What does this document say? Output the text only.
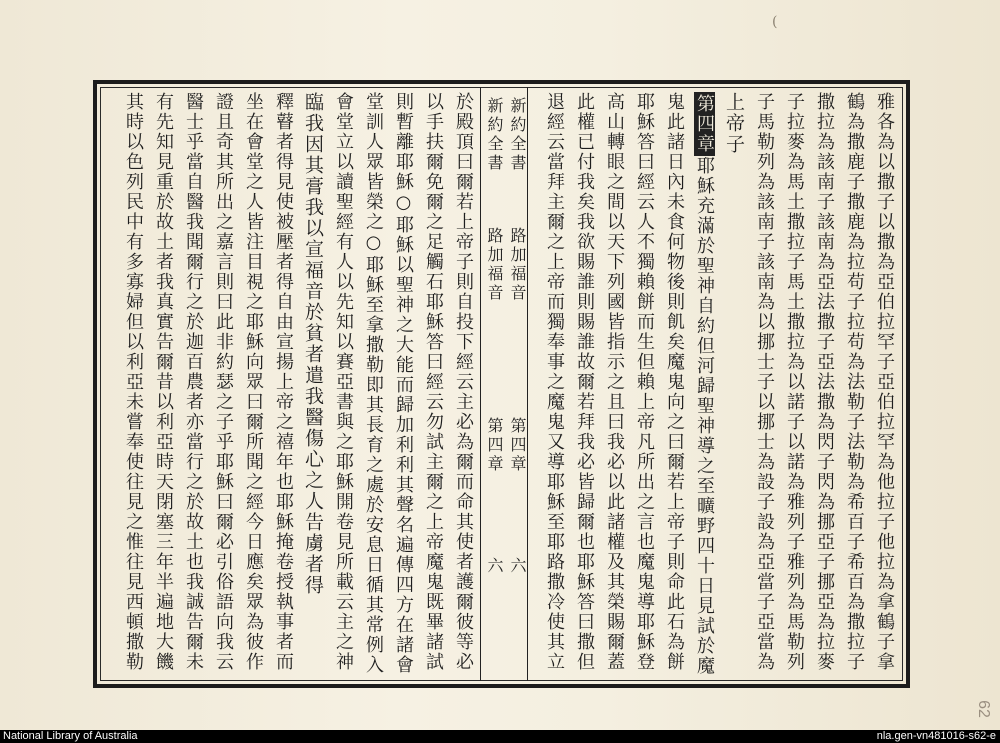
(
雅各為以撒子以撒為亞伯拉罕子亞伯拉罕為他拉子他拉為拿鶴子拿
鶴為撒鹿子撒鹿為拉苟子拉苟為法勒子法勒為希百子希百為撒拉子
撒拉為該南子該南為亞法撒子亞法撒為閃子閃為挪亞子挪亞為拉麥
子拉麥為馬土撒拉子馬土撒拉為以諾子以諾為雅列子雅列為馬勒列
子馬勒列為該南子該南為以挪士子以挪士為設子設為亞當子亞當為
上帝子
第四章耶穌充滿於聖神自約但河歸聖神導之至曠野四十日見試於魔
鬼此諸日內未食何物後則飢矣魔鬼向之曰爾若上帝子則命此石為餅
耶穌答曰經云人不獨賴餅而生但賴上帝凡所出之言也魔鬼導耶穌登
高山轉眼之間以天下列國皆指示之且曰我必以此諸權及其榮賜爾蓋
此權已付我矣我欲賜誰則賜誰故爾若拜我必皆歸爾也耶穌答曰撒但
退經云當拜主爾之上帝而獨奉事之魔鬼又導耶穌至耶路撒冷使其立
新約全書
路加福音
第四章
六
新約全書
路加福音
第四章
六
於殿頂曰爾若上帝子則自投下經云主必為爾而命其使者護爾彼等必
以手扶爾免爾之足觸石耶穌答曰經云勿試主爾之上帝魔鬼既畢諸試
則暫離耶穌○耶穌以聖神之大能而歸加利利其聲名遍傳四方在諸會
堂訓人眾皆榮之○耶穌至拿撒勒即其長育之處於安息日循其常例入
會堂立以讀聖經有人以先知以賽亞書與之耶穌開卷見所載云主之神
臨我因其膏我以宣福音於貧者遣我醫傷心之人告虜者得
釋瞽者得見使被壓者得自由宣揚上帝之禧年也耶穌掩卷授執事者而
坐在會堂之人皆注目視之耶穌向眾曰爾所聞之經今日應矣眾為彼作
證且奇其所出之嘉言則曰此非約瑟之子乎耶穌曰爾必引俗語向我云
醫士乎當自醫我聞爾行之於迦百農者亦當行之於故土也我誠告爾未
有先知見重於故土者我真實告爾昔以利亞時天閉塞三年半遍地大饑
其時以色列民中有多寡婦但以利亞未嘗奉使往見之惟往見西頓撒勒
62
National Library of Australia	nla.gen-vn481016-s62-e
